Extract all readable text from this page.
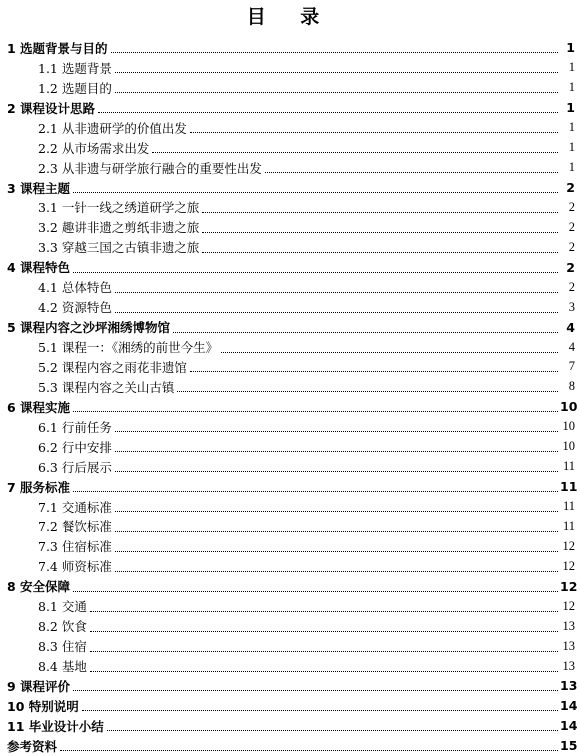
目 录
1 选题背景与目的	1
1.1 选题背景	1
1.2 选题目的	1
2 课程设计思路	1
2.1 从非遗研学的价值出发	1
2.2 从市场需求出发	1
2.3 从非遗与研学旅行融合的重要性出发	1
3 课程主题	2
3.1 一针一线之绣道研学之旅	2
3.2 趣讲非遗之剪纸非遗之旅	2
3.3 穿越三国之古镇非遗之旅	2
4 课程特色	2
4.1 总体特色	2
4.2 资源特色	3
5 课程内容之沙坪湘绣博物馆	4
5.1 课程一：《湘绣的前世今生》	4
5.2 课程内容之雨花非遗馆	7
5.3 课程内容之关山古镇	8
6 课程实施	10
6.1 行前任务	10
6.2 行中安排	10
6.3 行后展示	11
7 服务标准	11
7.1 交通标准	11
7.2 餐饮标准	11
7.3 住宿标准	12
7.4 师资标准	12
8 安全保障	12
8.1 交通	12
8.2 饮食	13
8.3 住宿	13
8.4 基地	13
9 课程评价	13
10 特别说明	14
11 毕业设计小结	14
参考资料	15
